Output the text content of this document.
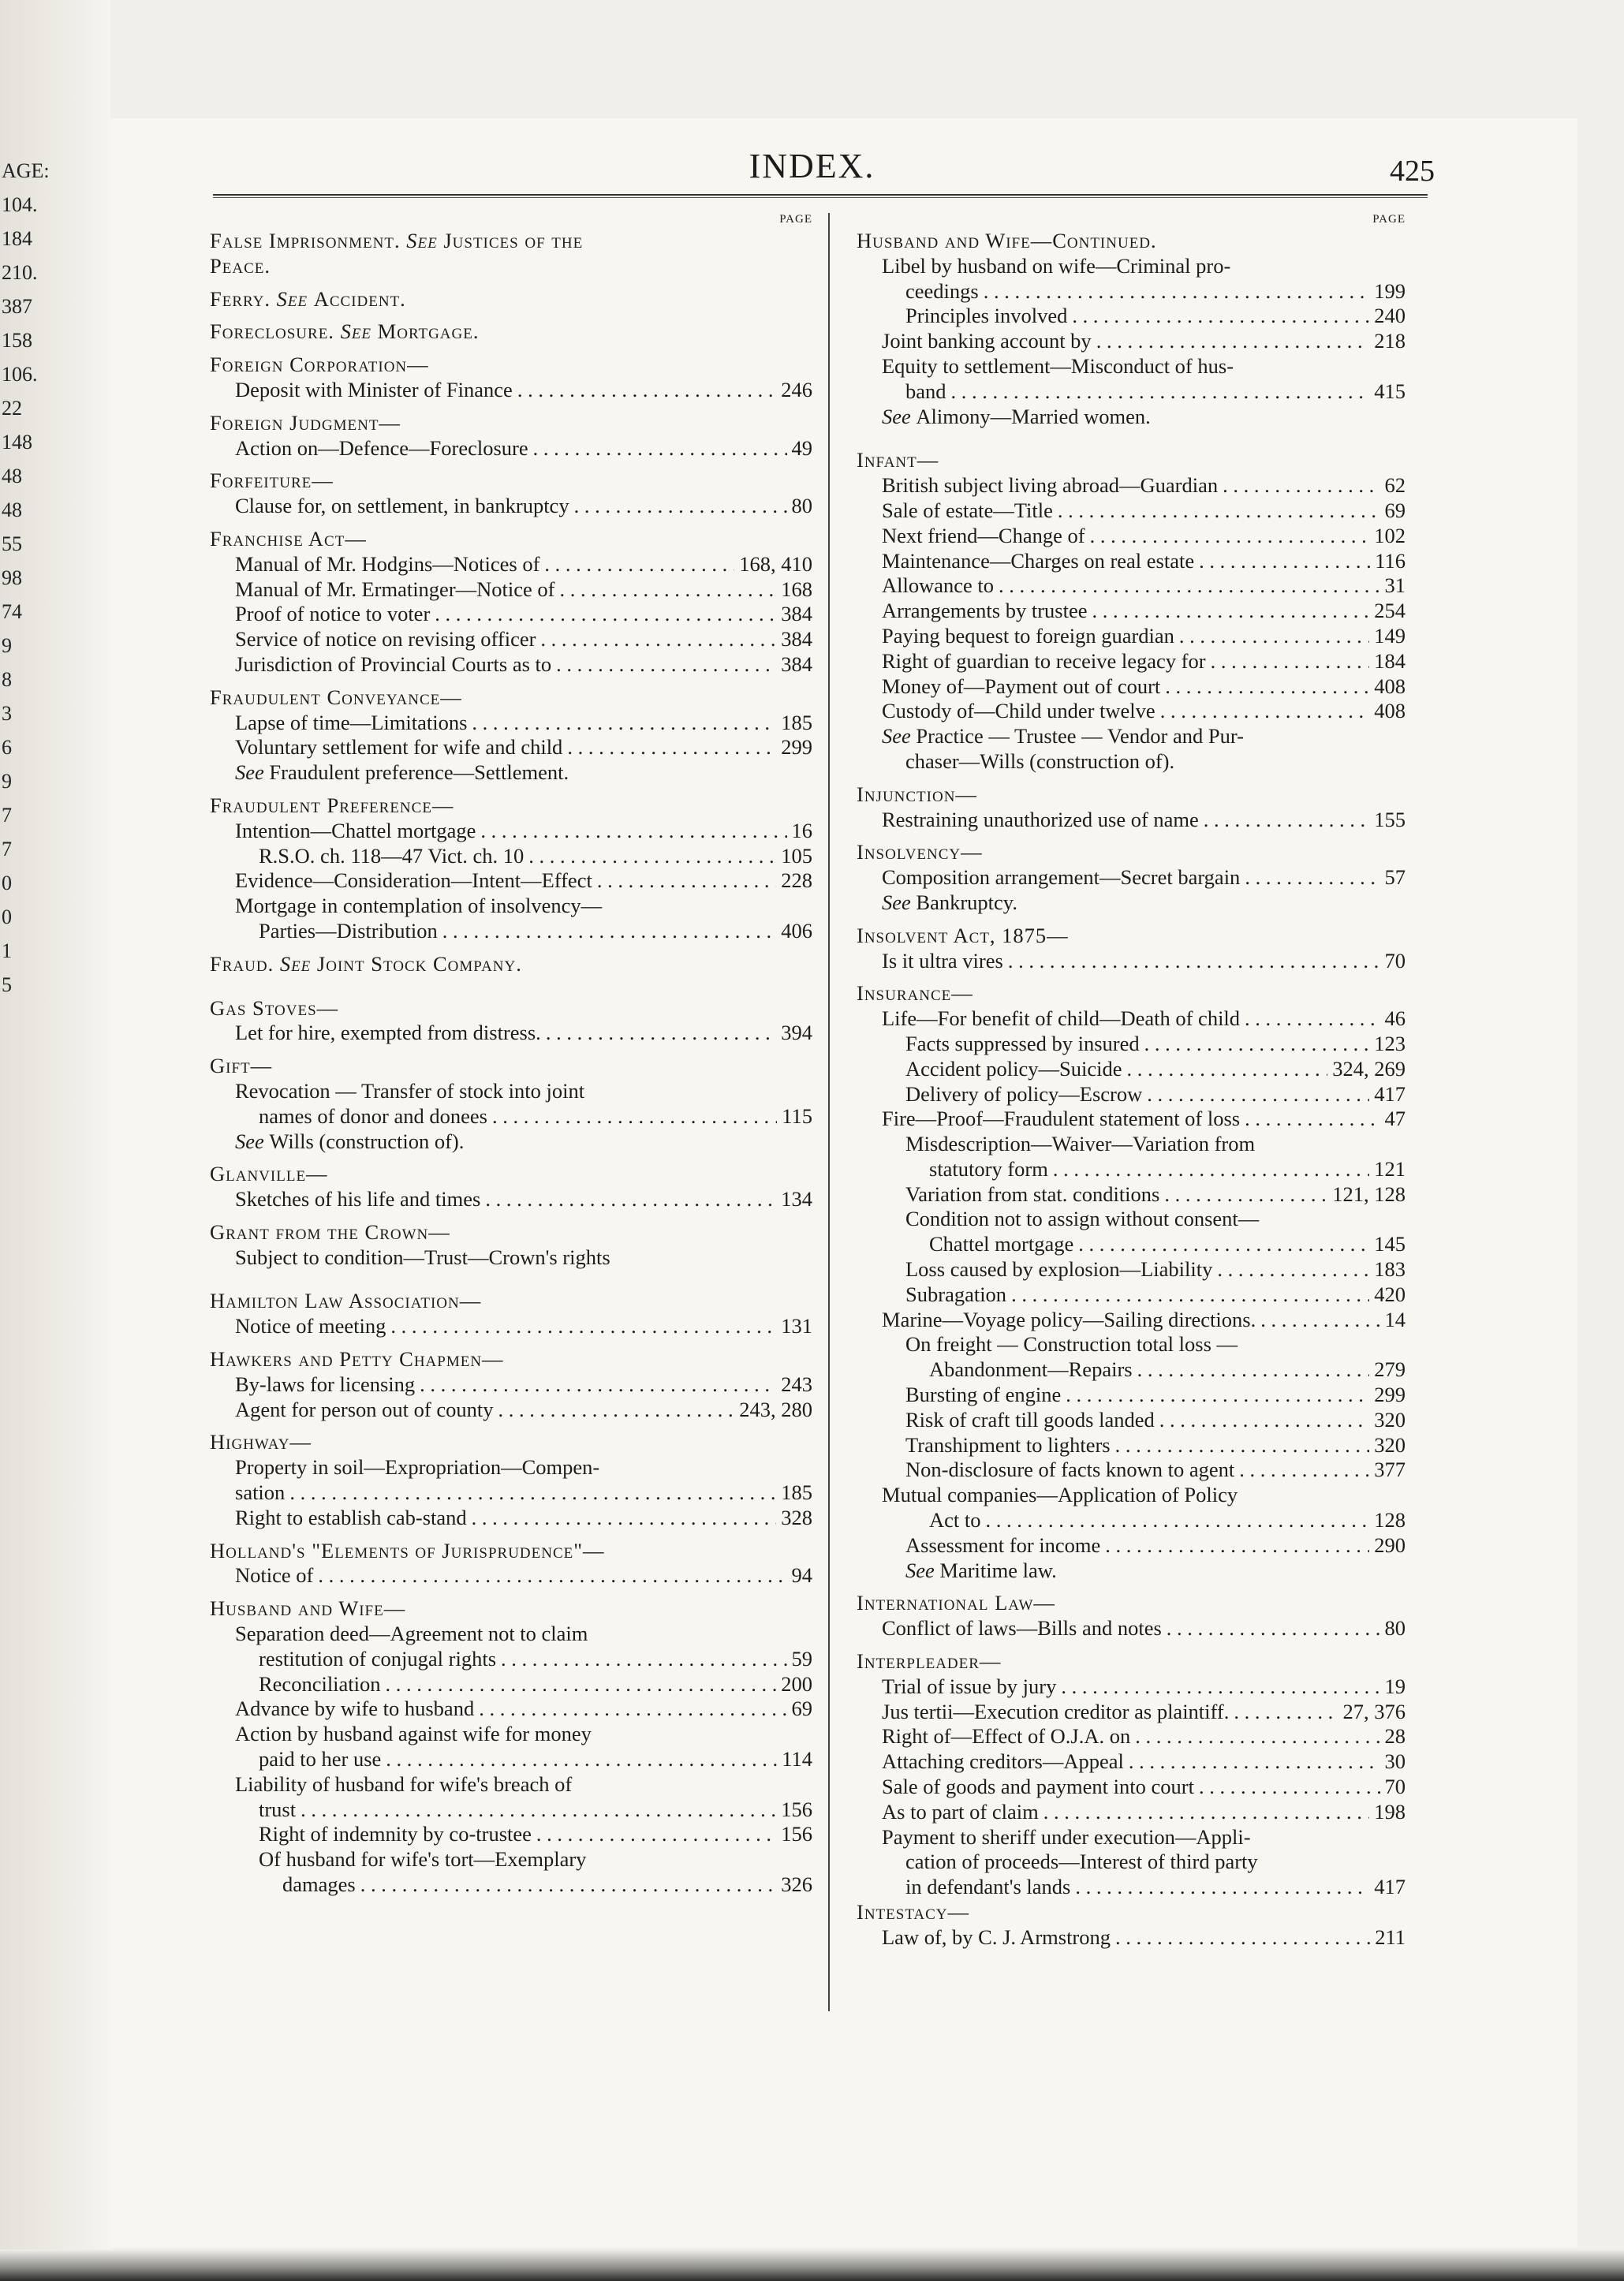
AGE:
104.
184
210.
387
158
106.
22
148
48
48
55
98
74
9
8
3
6
9
7
7
0
0
1
5
INDEX.	425
PAGE
False Imprisonment. See Justices of the
Peace.
Ferry. See Accident.
Foreclosure. See Mortgage.
Foreign Corporation—
Deposit with Minister of Finance . . .	246
Foreign Judgment—
Action on—Defence—Foreclosure . . .	49
Forfeiture—
Clause for, on settlement, in bankruptcy . . .	80
Franchise Act—
Manual of Mr. Hodgins—Notices of . . .	168, 410
Manual of Mr. Ermatinger—Notice of . . .	168
Proof of notice to voter . . .	384
Service of notice on revising officer . . .	384
Jurisdiction of Provincial Courts as to . . .	384
Fraudulent Conveyance—
Lapse of time—Limitations . . .	185
Voluntary settlement for wife and child . . .	299
See Fraudulent preference—Settlement.
Fraudulent Preference—
Intention—Chattel mortgage . . .	16
R.S.O. ch. 118—47 Vict. ch. 10 . . .	105
Evidence—Consideration—Intent—Effect . . .	228
Mortgage in contemplation of insolvency—
Parties—Distribution . . .	406
Fraud. See Joint Stock Company.
Gas Stoves—
Let for hire, exempted from distress. . . .	394
Gift—
Revocation — Transfer of stock into joint
names of donor and donees . . .	115
See Wills (construction of).
Glanville—
Sketches of his life and times . . .	134
Grant from the Crown—
Subject to condition—Trust—Crown's rights
Hamilton Law Association—
Notice of meeting . . .	131
Hawkers and Petty Chapmen—
By-laws for licensing . . .	243
Agent for person out of county . . .	243, 280
Highway—
Property in soil—Expropriation—Compen-
sation . . .	185
Right to establish cab-stand . . .	328
Holland's "Elements of Jurisprudence"—
Notice of . . .	94
Husband and Wife—
Separation deed—Agreement not to claim
restitution of conjugal rights . . .	59
Reconciliation . . .	200
Advance by wife to husband . . .	69
Action by husband against wife for money
paid to her use . . .	114
Liability of husband for wife's breach of
trust . . .	156
Right of indemnity by co-trustee . . .	156
Of husband for wife's tort—Exemplary
damages . . .	326
PAGE
Husband and Wife—Continued.
Libel by husband on wife—Criminal pro-
ceedings . . .	199
Principles involved . . .	240
Joint banking account by . . .	218
Equity to settlement—Misconduct of hus-
band . . .	415
See Alimony—Married women.
Infant—
British subject living abroad—Guardian . . .	62
Sale of estate—Title . . .	69
Next friend—Change of . . .	102
Maintenance—Charges on real estate . . .	116
Allowance to . . .	31
Arrangements by trustee . . .	254
Paying bequest to foreign guardian . . .	149
Right of guardian to receive legacy for . . .	184
Money of—Payment out of court . . .	408
Custody of—Child under twelve . . .	408
See Practice — Trustee — Vendor and Pur-
chaser—Wills (construction of).
Injunction—
Restraining unauthorized use of name . . .	155
Insolvency—
Composition arrangement—Secret bargain . . .	57
See Bankruptcy.
Insolvent Act, 1875—
Is it ultra vires . . .	70
Insurance—
Life—For benefit of child—Death of child . . .	46
Facts suppressed by insured . . .	123
Accident policy—Suicide . . .	324, 269
Delivery of policy—Escrow . . .	417
Fire—Proof—Fraudulent statement of loss . . .	47
Misdescription—Waiver—Variation from
statutory form . . .	121
Variation from stat. conditions . . .	121, 128
Condition not to assign without consent—
Chattel mortgage . . .	145
Loss caused by explosion—Liability . . .	183
Subragation . . .	420
Marine—Voyage policy—Sailing directions. . . .	14
On freight — Construction total loss —
Abandonment—Repairs . . .	279
Bursting of engine . . .	299
Risk of craft till goods landed . . .	320
Transhipment to lighters . . .	320
Non-disclosure of facts known to agent . . .	377
Mutual companies—Application of Policy
Act to . . .	128
Assessment for income . . .	290
See Maritime law.
International Law—
Conflict of laws—Bills and notes . . .	80
Interpleader—
Trial of issue by jury . . .	19
Jus tertii—Execution creditor as plaintiff. . . .	27, 376
Right of—Effect of O.J.A. on . . .	28
Attaching creditors—Appeal . . .	30
Sale of goods and payment into court . . .	70
As to part of claim . . .	198
Payment to sheriff under execution—Appli-
cation of proceeds—Interest of third party
in defendant's lands . . .	417
Intestacy—
Law of, by C. J. Armstrong . . .	211
